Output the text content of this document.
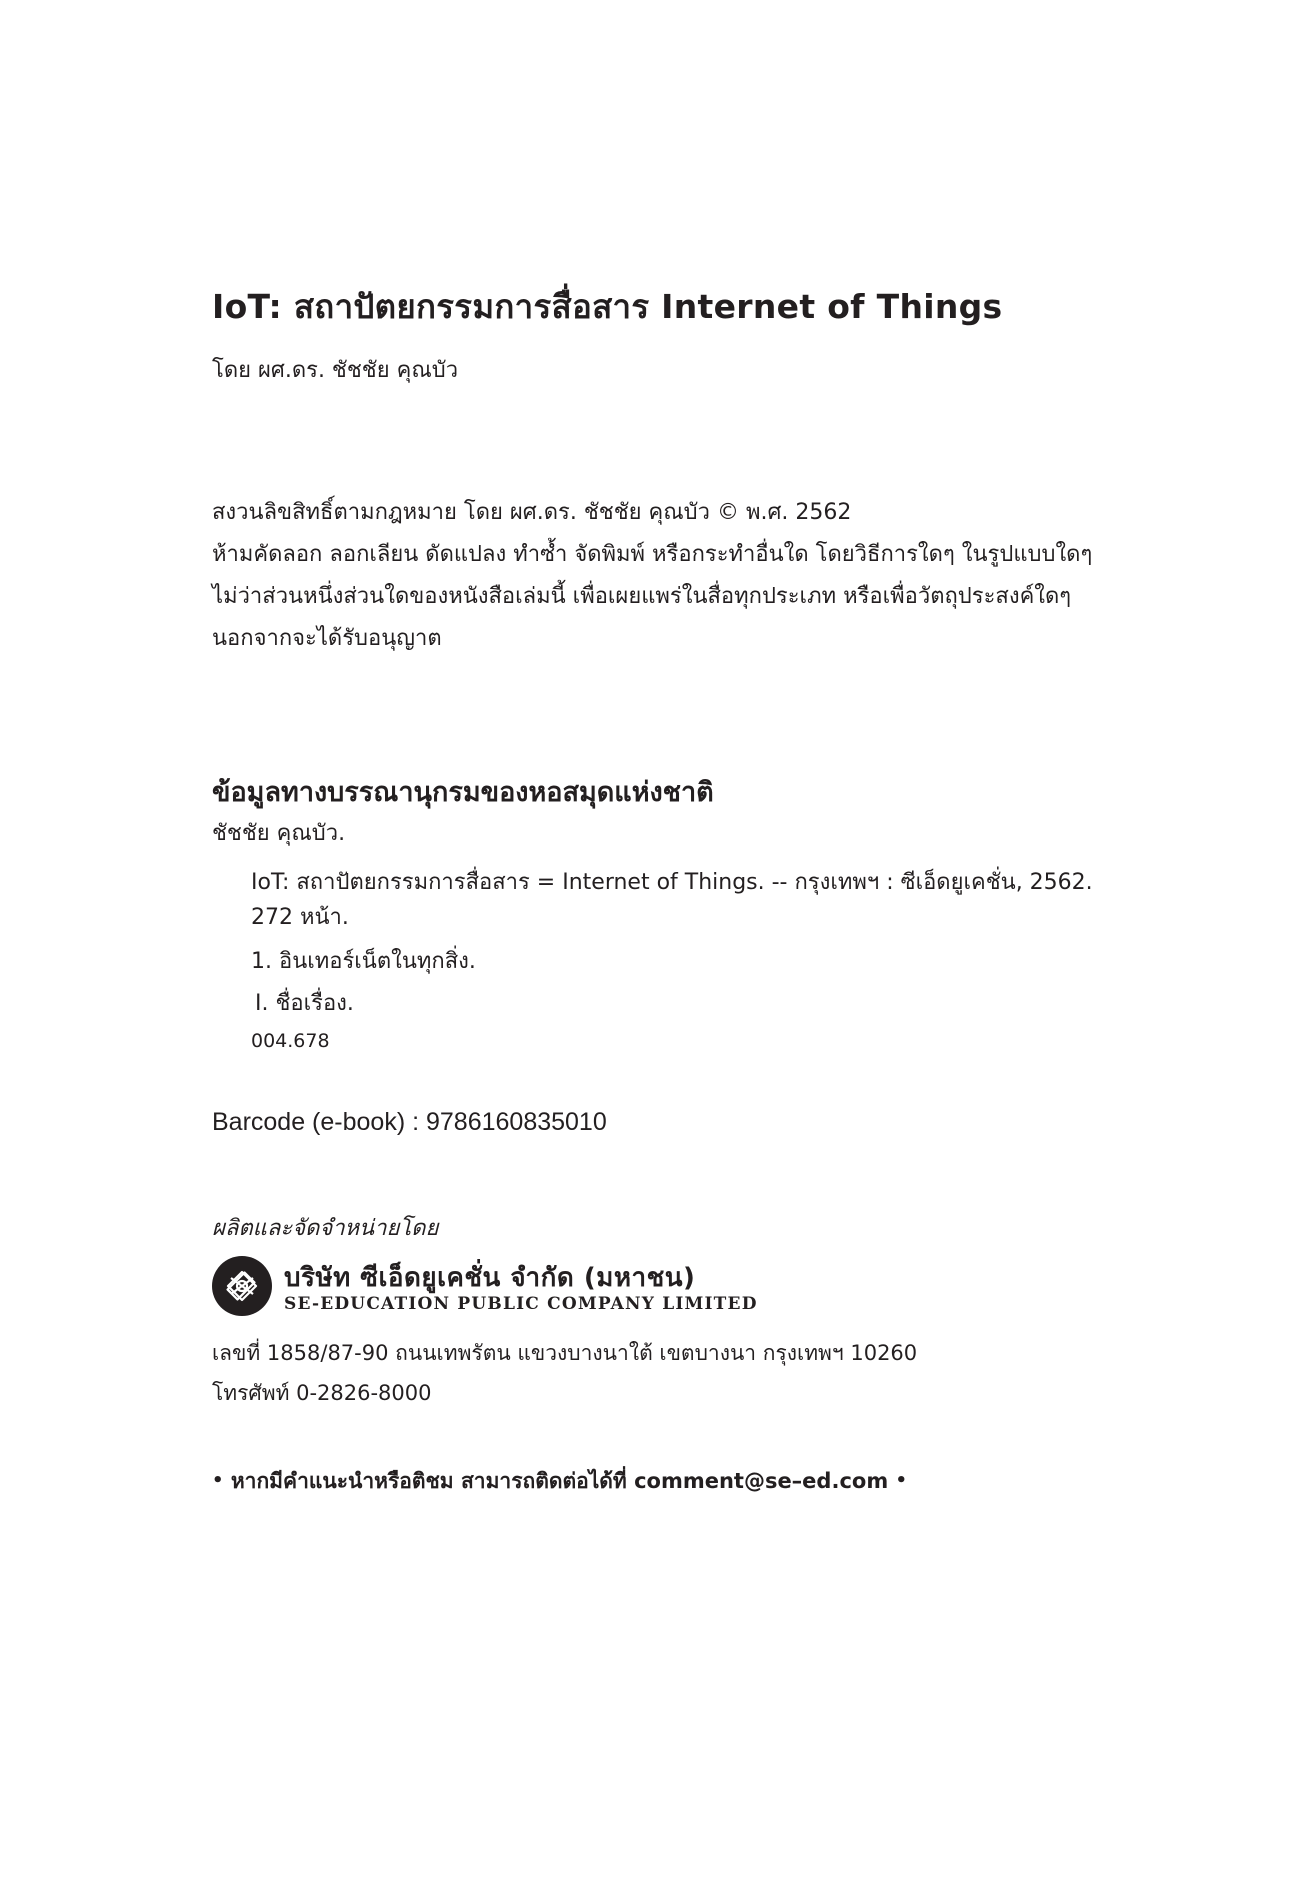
IoT: สถาปัตยกรรมการสื่อสาร Internet of Things
โดย ผศ.ดร. ชัชชัย คุณบัว
สงวนลิขสิทธิ์ตามกฎหมาย โดย ผศ.ดร. ชัชชัย คุณบัว © พ.ศ. 2562
ห้ามคัดลอก ลอกเลียน ดัดแปลง ทำซ้ำ จัดพิมพ์ หรือกระทำอื่นใด โดยวิธีการใดๆ ในรูปแบบใดๆ
ไม่ว่าส่วนหนึ่งส่วนใดของหนังสือเล่มนี้ เพื่อเผยแพร่ในสื่อทุกประเภท หรือเพื่อวัตถุประสงค์ใดๆ
นอกจากจะได้รับอนุญาต
ข้อมูลทางบรรณานุกรมของหอสมุดแห่งชาติ
ชัชชัย คุณบัว.
IoT: สถาปัตยกรรมการสื่อสาร = Internet of Things. -- กรุงเทพฯ : ซีเอ็ดยูเคชั่น, 2562.
272 หน้า.
1. อินเทอร์เน็ตในทุกสิ่ง.
I. ชื่อเรื่อง.
004.678
Barcode (e-book) : 9786160835010
ผลิตและจัดจำหน่ายโดย
บริษัท ซีเอ็ดยูเคชั่น จำกัด (มหาชน)
SE-EDUCATION PUBLIC COMPANY LIMITED
เลขที่ 1858/87-90 ถนนเทพรัตน แขวงบางนาใต้ เขตบางนา กรุงเทพฯ 10260
โทรศัพท์ 0-2826-8000
• หากมีคำแนะนำหรือติชม สามารถติดต่อได้ที่ comment@se–ed.com •
